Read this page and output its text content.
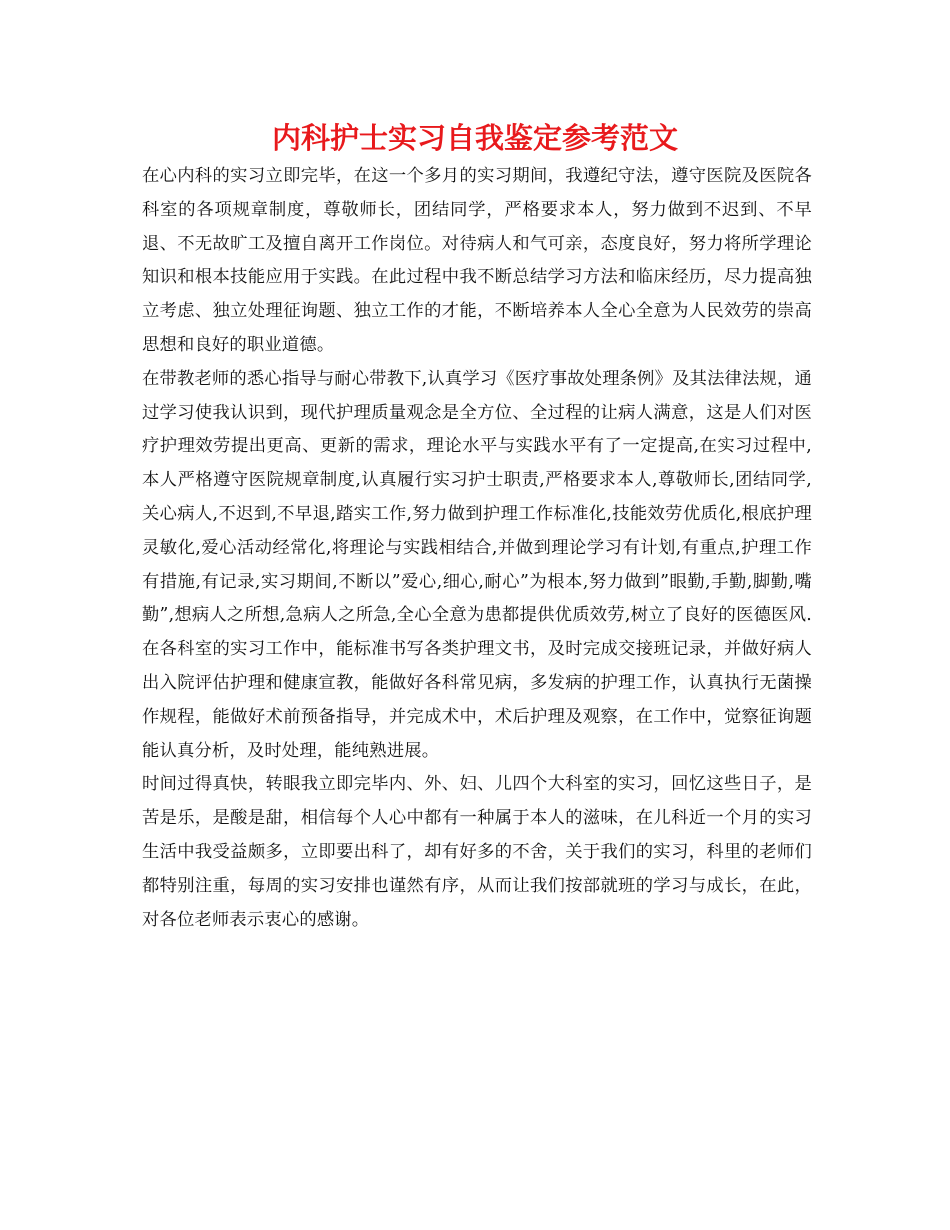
内科护士实习自我鉴定参考范文

在心内科的实习立即完毕，在这一个多月的实习期间，我遵纪守法，遵守医院及医院各科室的各项规章制度，尊敬师长，团结同学，严格要求本人，努力做到不迟到、不早退、不无故旷工及擅自离开工作岗位。对待病人和气可亲，态度良好，努力将所学理论知识和根本技能应用于实践。在此过程中我不断总结学习方法和临床经历，尽力提高独立考虑、独立处理征询题、独立工作的才能，不断培养本人全心全意为人民效劳的崇高思想和良好的职业道德。

在带教老师的悉心指导与耐心带教下,认真学习《医疗事故处理条例》及其法律法规，通过学习使我认识到，现代护理质量观念是全方位、全过程的让病人满意，这是人们对医疗护理效劳提出更高、更新的需求，理论水平与实践水平有了一定提高,在实习过程中,本人严格遵守医院规章制度,认真履行实习护士职责,严格要求本人,尊敬师长,团结同学,关心病人,不迟到,不早退,踏实工作,努力做到护理工作标准化,技能效劳优质化,根底护理灵敏化,爱心活动经常化,将理论与实践相结合,并做到理论学习有计划,有重点,护理工作有措施,有记录,实习期间,不断以”爱心,细心,耐心”为根本,努力做到”眼勤,手勤,脚勤,嘴勤”,想病人之所想,急病人之所急,全心全意为患都提供优质效劳,树立了良好的医德医风.在各科室的实习工作中，能标准书写各类护理文书，及时完成交接班记录，并做好病人出入院评估护理和健康宣教，能做好各科常见病，多发病的护理工作，认真执行无菌操作规程，能做好术前预备指导，并完成术中，术后护理及观察，在工作中，觉察征询题能认真分析，及时处理，能纯熟进展。

时间过得真快，转眼我立即完毕内、外、妇、儿四个大科室的实习，回忆这些日子，是苦是乐，是酸是甜，相信每个人心中都有一种属于本人的滋味，在儿科近一个月的实习生活中我受益颇多，立即要出科了，却有好多的不舍，关于我们的实习，科里的老师们都特别注重，每周的实习安排也谨然有序，从而让我们按部就班的学习与成长，在此，对各位老师表示衷心的感谢。
